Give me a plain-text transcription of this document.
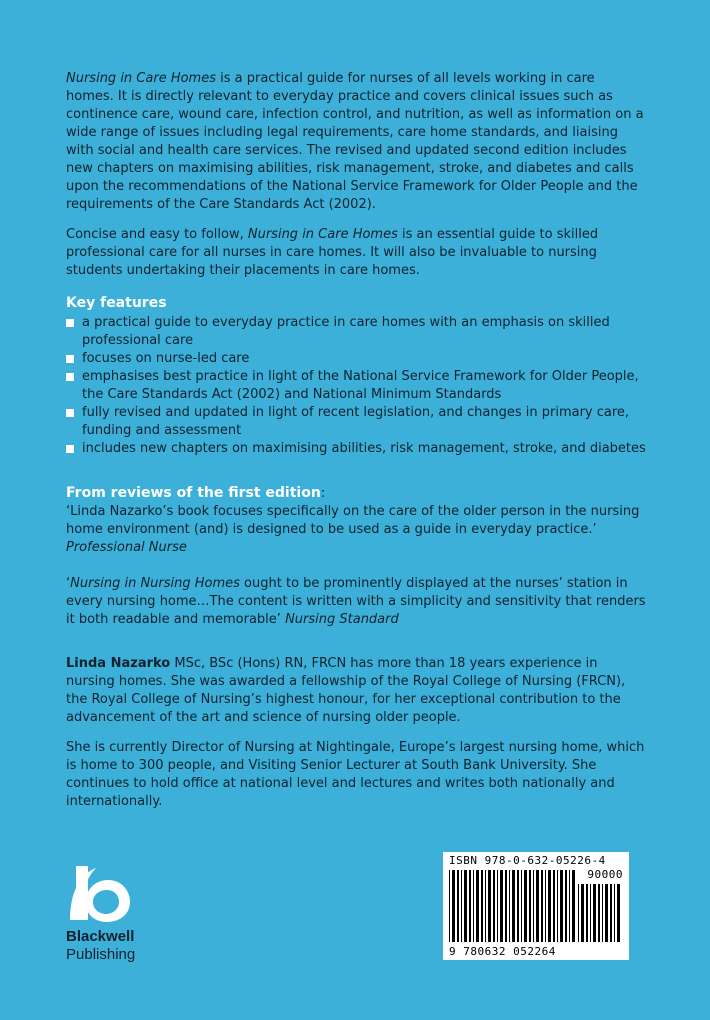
Nursing in Care Homes is a practical guide for nurses of all levels working in care homes. It is directly relevant to everyday practice and covers clinical issues such as continence care, wound care, infection control, and nutrition, as well as information on a wide range of issues including legal requirements, care home standards, and liaising with social and health care services. The revised and updated second edition includes new chapters on maximising abilities, risk management, stroke, and diabetes and calls upon the recommendations of the National Service Framework for Older People and the requirements of the Care Standards Act (2002).

Concise and easy to follow, Nursing in Care Homes is an essential guide to skilled professional care for all nurses in care homes. It will also be invaluable to nursing students undertaking their placements in care homes.

Key features

a practical guide to everyday practice in care homes with an emphasis on skilled professional care
focuses on nurse-led care
emphasises best practice in light of the National Service Framework for Older People, the Care Standards Act (2002) and National Minimum Standards
fully revised and updated in light of recent legislation, and changes in primary care, funding and assessment
includes new chapters on maximising abilities, risk management, stroke, and diabetes

From reviews of the first edition:

‘Linda Nazarko’s book focuses specifically on the care of the older person in the nursing home environment (and) is designed to be used as a guide in everyday practice.’

Professional Nurse

‘Nursing in Nursing Homes ought to be prominently displayed at the nurses’ station in every nursing home…The content is written with a simplicity and sensitivity that renders it both readable and memorable’ Nursing Standard

Linda Nazarko MSc, BSc (Hons) RN, FRCN has more than 18 years experience in nursing homes. She was awarded a fellowship of the Royal College of Nursing (FRCN), the Royal College of Nursing’s highest honour, for her exceptional contribution to the advancement of the art and science of nursing older people.

She is currently Director of Nursing at Nightingale, Europe’s largest nursing home, which is home to 300 people, and Visiting Senior Lecturer at South Bank University. She continues to hold office at national level and lectures and writes both nationally and internationally.

Blackwell
Publishing
ISBN 978-0-632-05226-4
90000
9 780632 052264
